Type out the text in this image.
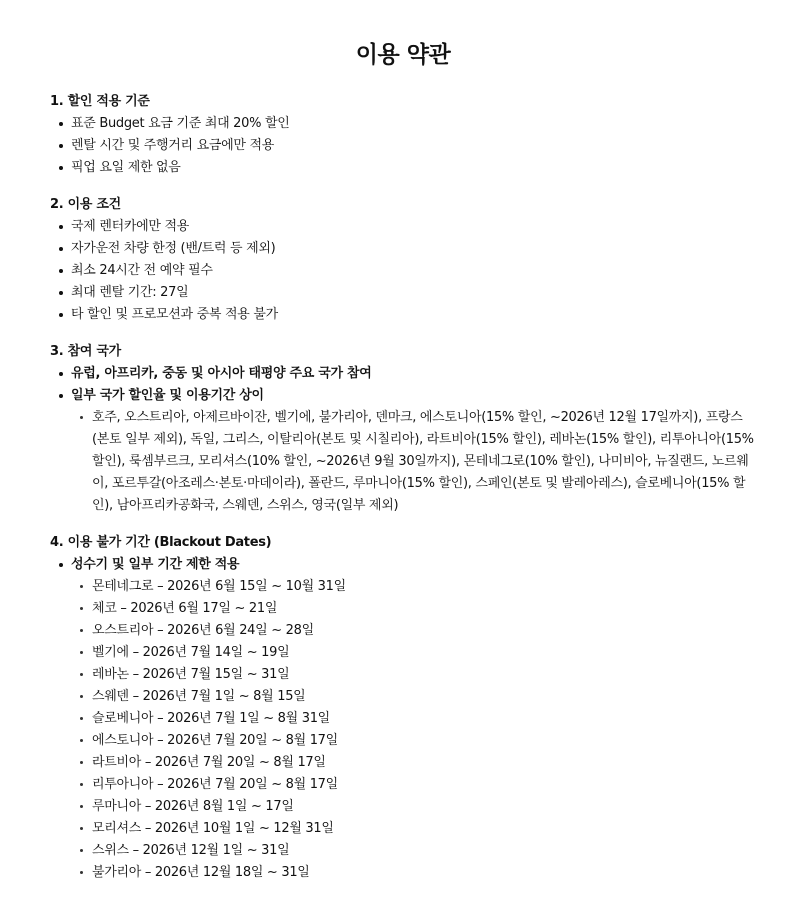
이용 약관
1. 할인 적용 기준
표준 Budget 요금 기준 최대 20% 할인
렌탈 시간 및 주행거리 요금에만 적용
픽업 요일 제한 없음
2. 이용 조건
국제 렌터카에만 적용
자가운전 차량 한정 (밴/트럭 등 제외)
최소 24시간 전 예약 필수
최대 렌탈 기간: 27일
타 할인 및 프로모션과 중복 적용 불가
3. 참여 국가
유럽, 아프리카, 중동 및 아시아 태평양 주요 국가 참여
일부 국가 할인율 및 이용기간 상이
호주, 오스트리아, 아제르바이잔, 벨기에, 불가리아, 덴마크, 에스토니아(15% 할인, ~2026년 12월 17일까지), 프랑스(본토 일부 제외), 독일, 그리스, 이탈리아(본토 및 시칠리아), 라트비아(15% 할인), 레바논(15% 할인), 리투아니아(15% 할인), 룩셈부르크, 모리셔스(10% 할인, ~2026년 9월 30일까지), 몬테네그로(10% 할인), 나미비아, 뉴질랜드, 노르웨이, 포르투갈(아조레스·본토·마데이라), 폴란드, 루마니아(15% 할인), 스페인(본토 및 발레아레스), 슬로베니아(15% 할인), 남아프리카공화국, 스웨덴, 스위스, 영국(일부 제외)
4. 이용 불가 기간 (Blackout Dates)
성수기 및 일부 기간 제한 적용
몬테네그로 – 2026년 6월 15일 ~ 10월 31일
체코 – 2026년 6월 17일 ~ 21일
오스트리아 – 2026년 6월 24일 ~ 28일
벨기에 – 2026년 7월 14일 ~ 19일
레바논 – 2026년 7월 15일 ~ 31일
스웨덴 – 2026년 7월 1일 ~ 8월 15일
슬로베니아 – 2026년 7월 1일 ~ 8월 31일
에스토니아 – 2026년 7월 20일 ~ 8월 17일
라트비아 – 2026년 7월 20일 ~ 8월 17일
리투아니아 – 2026년 7월 20일 ~ 8월 17일
루마니아 – 2026년 8월 1일 ~ 17일
모리셔스 – 2026년 10월 1일 ~ 12월 31일
스위스 – 2026년 12월 1일 ~ 31일
불가리아 – 2026년 12월 18일 ~ 31일
